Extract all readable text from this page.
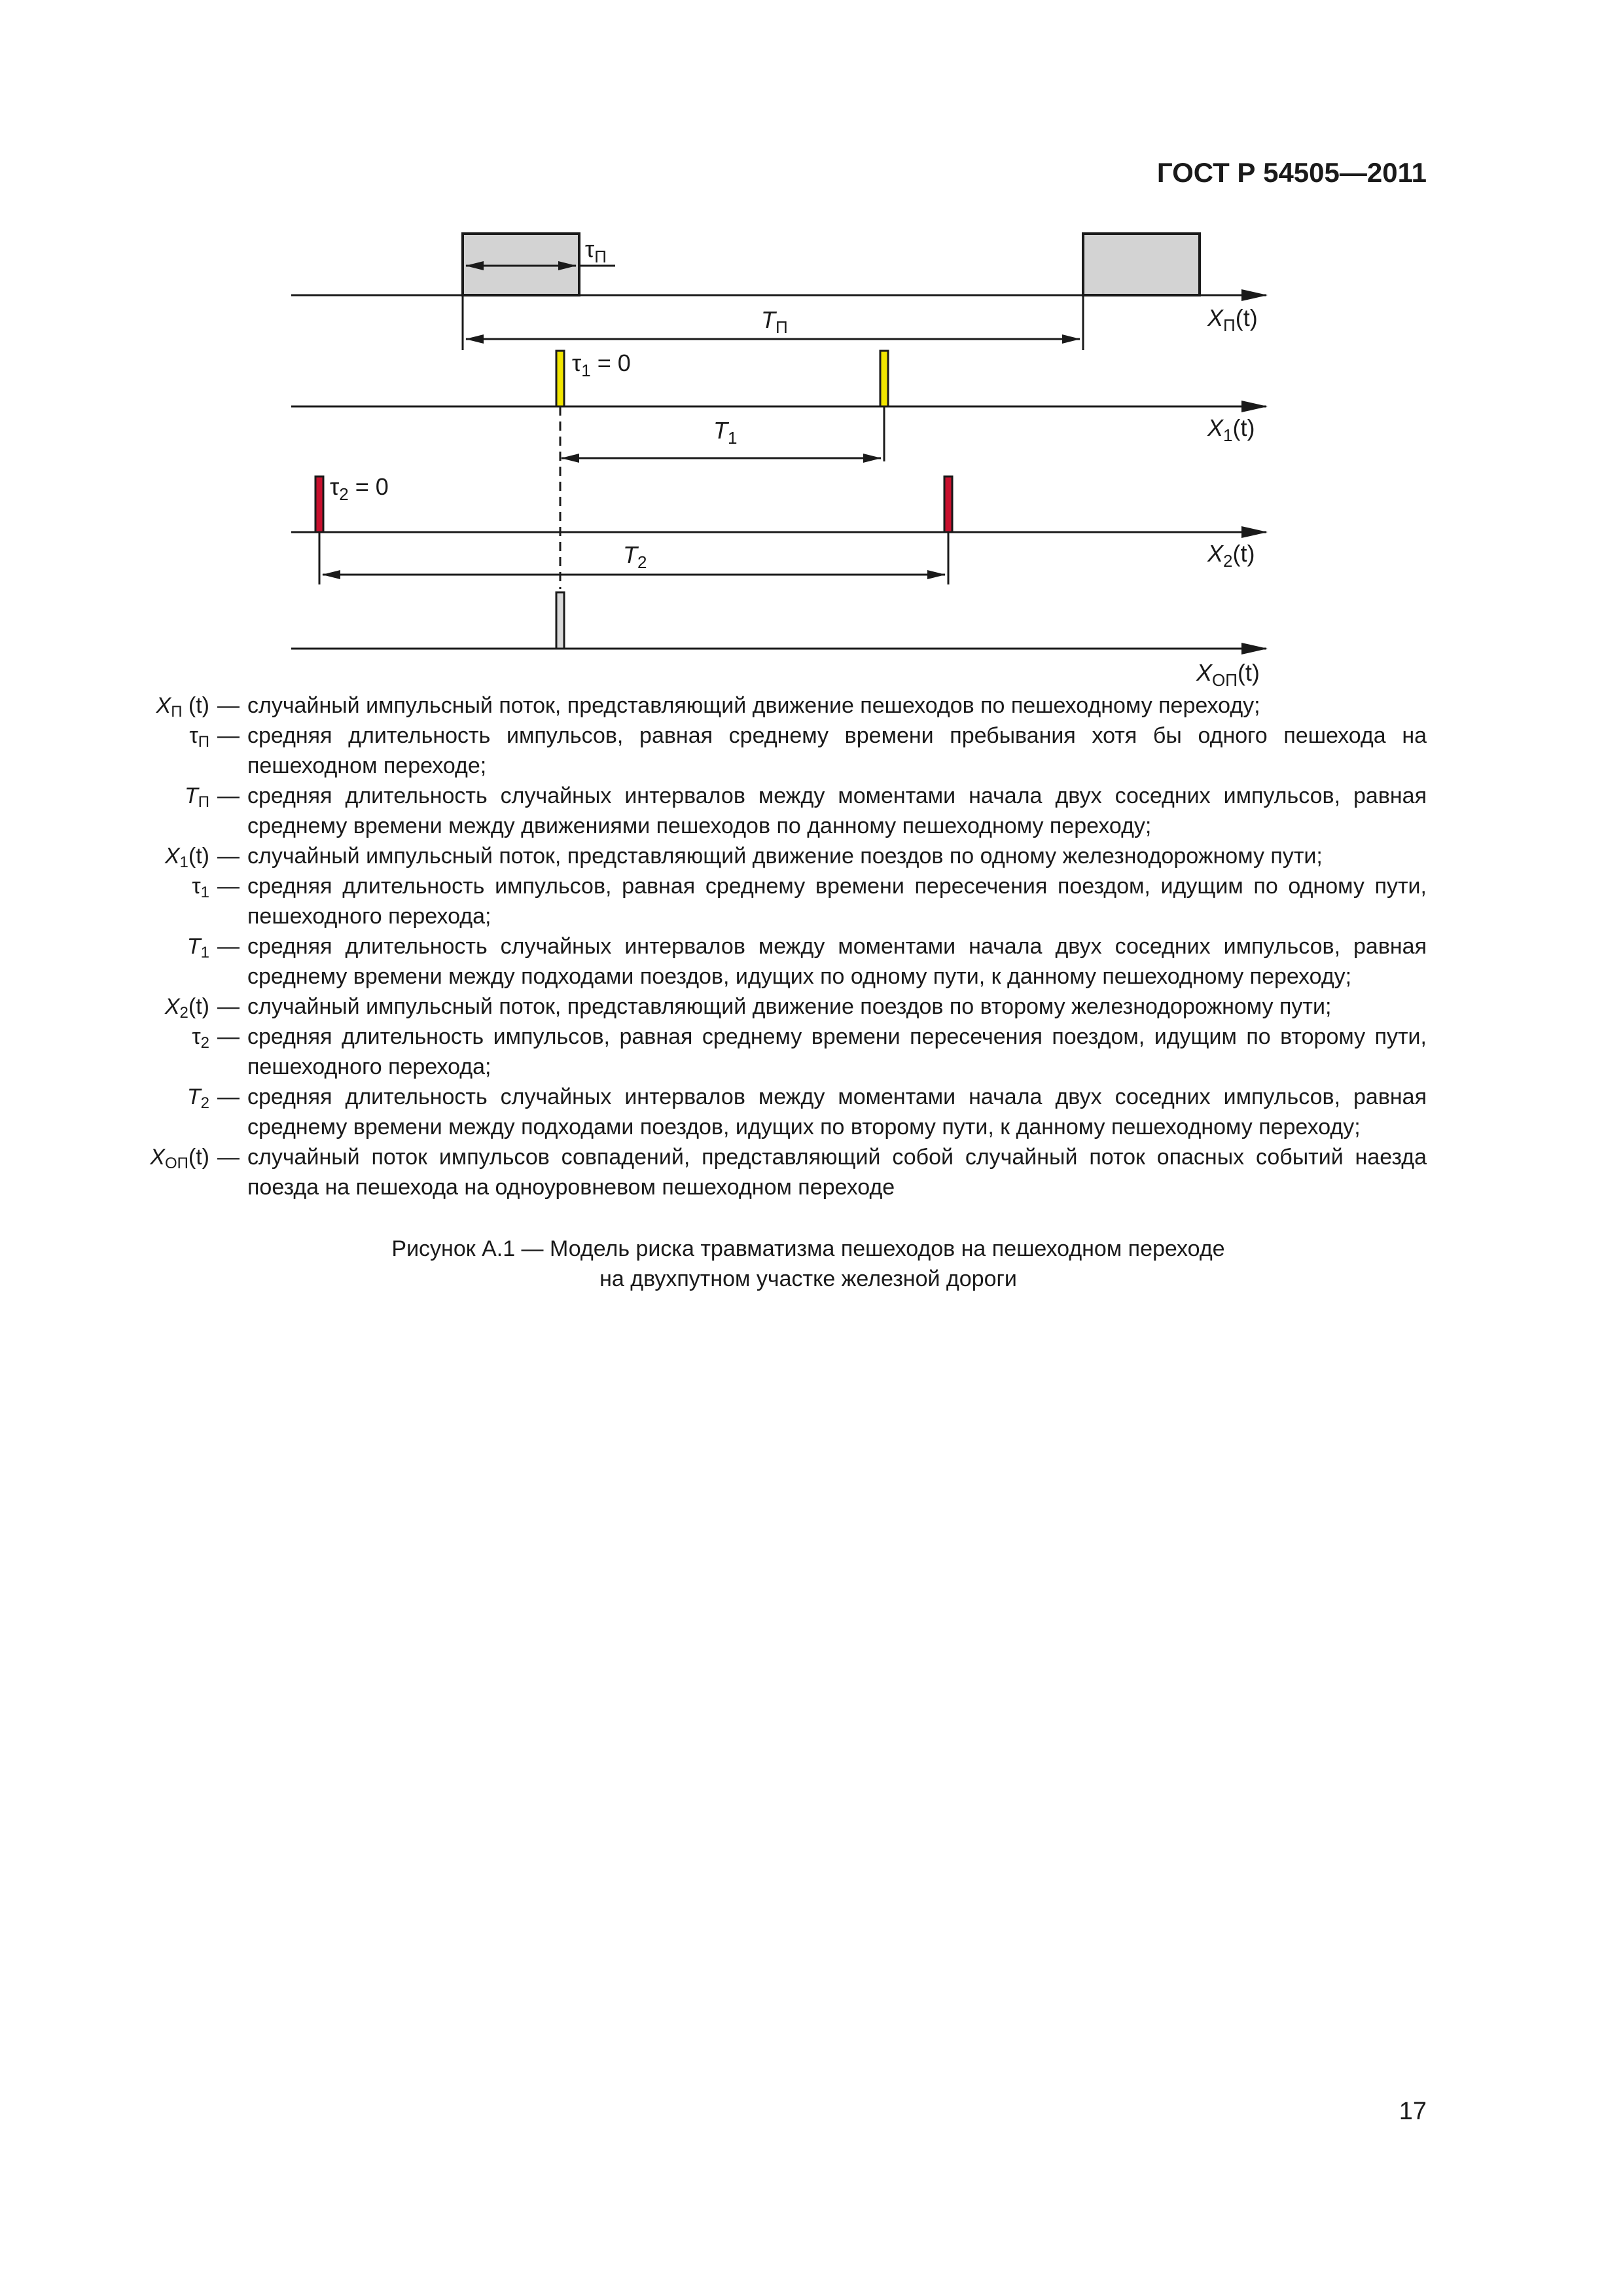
ГОСТ Р 54505—2011
$\tau_П$
$T_П$	$X_П(t)$
$\tau_1 = 0$
$T_1$	$X_1(t)$
$\tau_2 = 0$
$T_2$	$X_2(t)$
$X_{ОП}(t)$
$X_П$ (t) — случайный импульсный поток, представляющий движение пешеходов по пешеходному переходу;
$\tau_П$ — средняя длительность импульсов, равная среднему времени пребывания хотя бы одного пешехода на пешеходном переходе;
$T_П$ — средняя длительность случайных интервалов между моментами начала двух соседних импульсов, равная среднему времени между движениями пешеходов по данному пешеходному переходу;
$X_1(t)$ — случайный импульсный поток, представляющий движение поездов по одному железнодорожному пути;
$\tau_1$ — средняя длительность импульсов, равная среднему времени пересечения поездом, идущим по одному пути, пешеходного перехода;
$T_1$ — средняя длительность случайных интервалов между моментами начала двух соседних импульсов, равная среднему времени между подходами поездов, идущих по одному пути, к данному пешеходному переходу;
$X_2(t)$ — случайный импульсный поток, представляющий движение поездов по второму железнодорожному пути;
$\tau_2$ — средняя длительность импульсов, равная среднему времени пересечения поездом, идущим по второму пути, пешеходного перехода;
$T_2$ — средняя длительность случайных интервалов между моментами начала двух соседних импульсов, равная среднему времени между подходами поездов, идущих по второму пути, к данному пешеходному переходу;
$X_{ОП}(t)$ — случайный поток импульсов совпадений, представляющий собой случайный поток опасных событий наезда поезда на пешехода на одноуровневом пешеходном переходе
Рисунок А.1 — Модель риска травматизма пешеходов на пешеходном переходе
на двухпутном участке железной дороги
17
